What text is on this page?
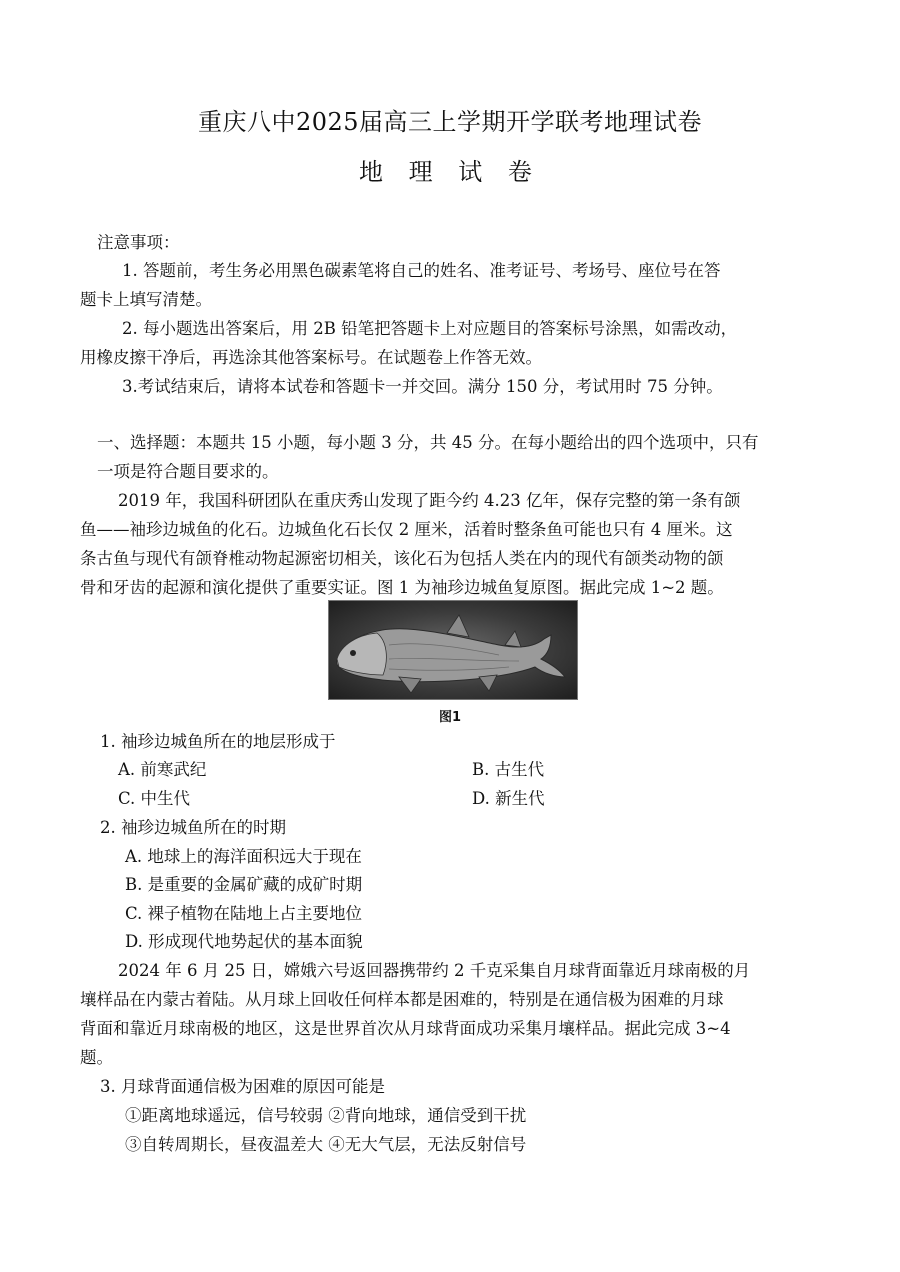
重庆八中2025届高三上学期开学联考地理试卷
地 理 试 卷
注意事项：
1. 答题前，考生务必用黑色碳素笔将自己的姓名、准考证号、考场号、座位号在答
题卡上填写清楚。
2. 每小题选出答案后，用 2B 铅笔把答题卡上对应题目的答案标号涂黑，如需改动，
用橡皮擦干净后，再选涂其他答案标号。在试题卷上作答无效。
3.考试结束后，请将本试卷和答题卡一并交回。满分 150 分，考试用时 75 分钟。
一、选择题：本题共 15 小题，每小题 3 分，共 45 分。在每小题给出的四个选项中，只有
一项是符合题目要求的。
2019 年，我国科研团队在重庆秀山发现了距今约 4.23 亿年，保存完整的第一条有颌
鱼——袖珍边城鱼的化石。边城鱼化石长仅 2 厘米，活着时整条鱼可能也只有 4 厘米。这
条古鱼与现代有颌脊椎动物起源密切相关，该化石为包括人类在内的现代有颌类动物的颌
骨和牙齿的起源和演化提供了重要实证。图 1 为袖珍边城鱼复原图。据此完成 1~2 题。
图1
1. 袖珍边城鱼所在的地层形成于
A. 前寒武纪	B. 古生代
C. 中生代	D. 新生代
2. 袖珍边城鱼所在的时期
A. 地球上的海洋面积远大于现在
B. 是重要的金属矿藏的成矿时期
C. 裸子植物在陆地上占主要地位
D. 形成现代地势起伏的基本面貌
2024 年 6 月 25 日，嫦娥六号返回器携带约 2 千克采集自月球背面靠近月球南极的月
壤样品在内蒙古着陆。从月球上回收任何样本都是困难的，特别是在通信极为困难的月球
背面和靠近月球南极的地区，这是世界首次从月球背面成功采集月壤样品。据此完成 3~4
题。
3. 月球背面通信极为困难的原因可能是
①距离地球遥远，信号较弱 ②背向地球，通信受到干扰
③自转周期长，昼夜温差大 ④无大气层，无法反射信号
